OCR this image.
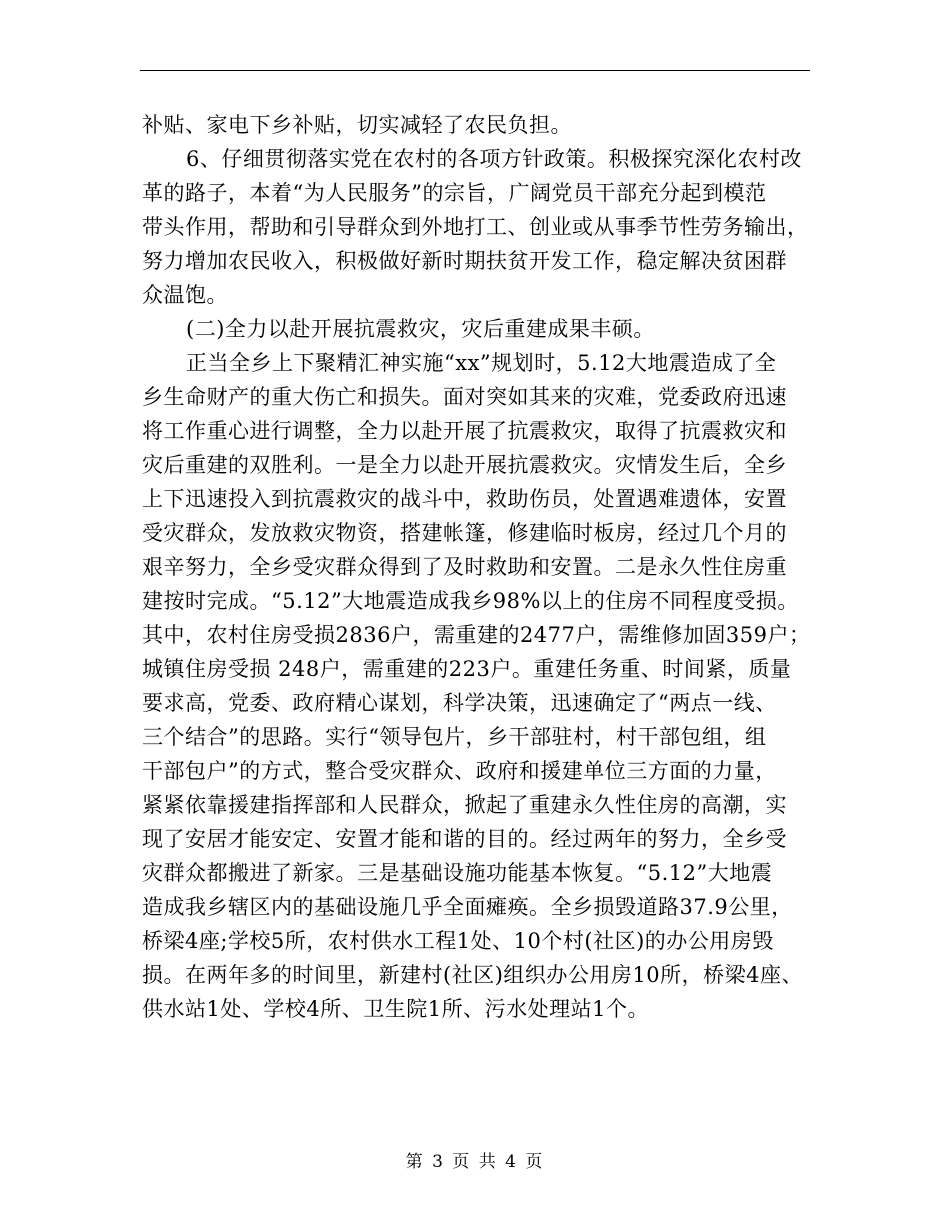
补贴、家电下乡补贴，切实减轻了农民负担。
6、仔细贯彻落实党在农村的各项方针政策。积极探究深化农村改
革的路子，本着“为人民服务”的宗旨，广阔党员干部充分起到模范
带头作用，帮助和引导群众到外地打工、创业或从事季节性劳务输出，
努力增加农民收入，积极做好新时期扶贫开发工作，稳定解决贫困群
众温饱。
(二)全力以赴开展抗震救灾，灾后重建成果丰硕。
正当全乡上下聚精汇神实施“xx”规划时，5.12大地震造成了全
乡生命财产的重大伤亡和损失。面对突如其来的灾难，党委政府迅速
将工作重心进行调整，全力以赴开展了抗震救灾，取得了抗震救灾和
灾后重建的双胜利。一是全力以赴开展抗震救灾。灾情发生后，全乡
上下迅速投入到抗震救灾的战斗中，救助伤员，处置遇难遗体，安置
受灾群众，发放救灾物资，搭建帐篷，修建临时板房，经过几个月的
艰辛努力，全乡受灾群众得到了及时救助和安置。二是永久性住房重
建按时完成。“5.12”大地震造成我乡98%以上的住房不同程度受损。
其中，农村住房受损2836户，需重建的2477户，需维修加固359户；
城镇住房受损 248户，需重建的223户。重建任务重、时间紧，质量
要求高，党委、政府精心谋划，科学决策，迅速确定了“两点一线、
三个结合”的思路。实行“领导包片，乡干部驻村，村干部包组，组
干部包户”的方式，整合受灾群众、政府和援建单位三方面的力量，
紧紧依靠援建指挥部和人民群众，掀起了重建永久性住房的高潮，实
现了安居才能安定、安置才能和谐的目的。经过两年的努力，全乡受
灾群众都搬进了新家。三是基础设施功能基本恢复。“5.12”大地震
造成我乡辖区内的基础设施几乎全面瘫痪。全乡损毁道路37.9公里，
桥梁4座;学校5所，农村供水工程1处、10个村(社区)的办公用房毁
损。在两年多的时间里，新建村(社区)组织办公用房10所，桥梁4座、
供水站1处、学校4所、卫生院1所、污水处理站1个。
第 3 页 共 4 页
